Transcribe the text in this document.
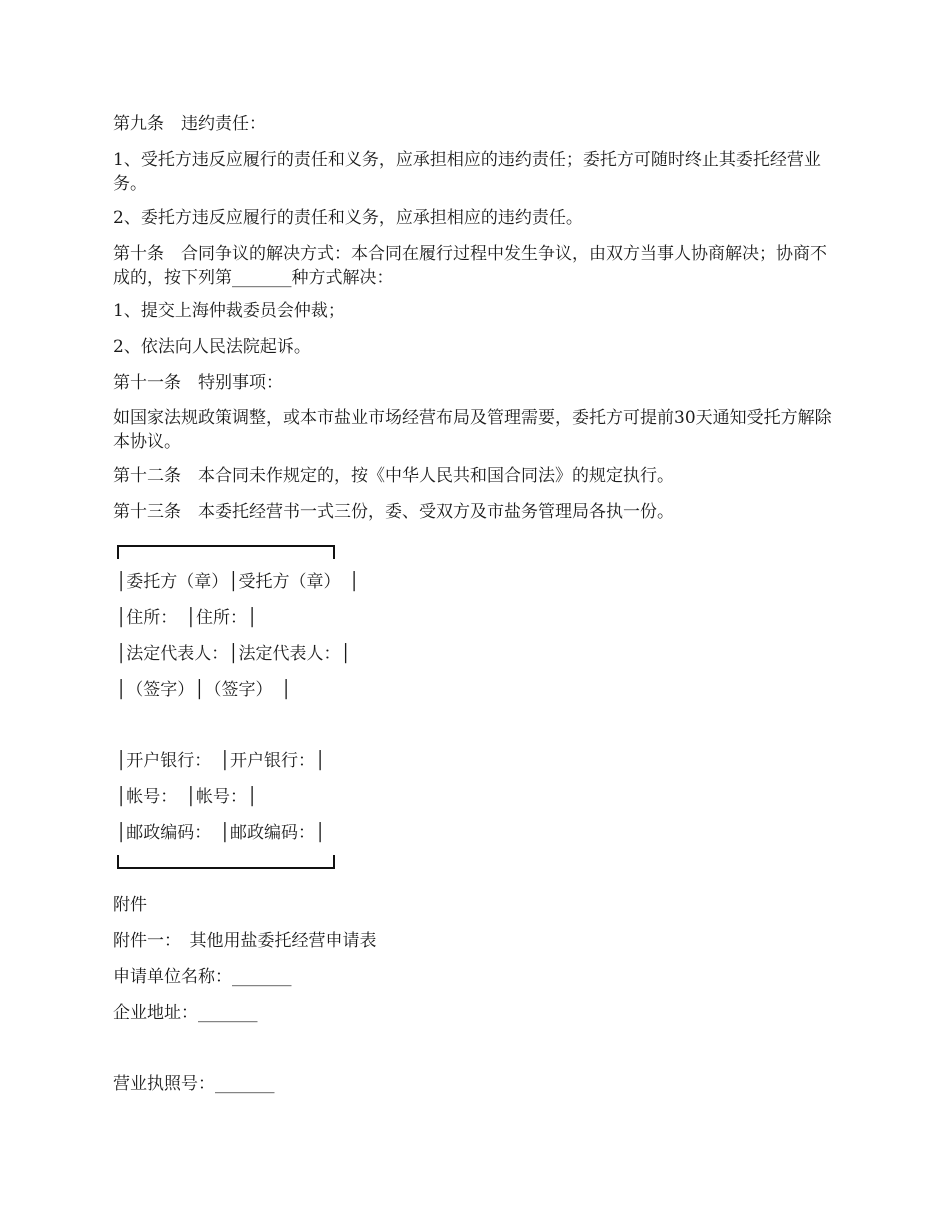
第九条　违约责任：
1、受托方违反应履行的责任和义务，应承担相应的违约责任；委托方可随时终止其委托经营业务。
2、委托方违反应履行的责任和义务，应承担相应的违约责任。
第十条　合同争议的解决方式：本合同在履行过程中发生争议，由双方当事人协商解决；协商不成的，按下列第_______种方式解决：
1、提交上海仲裁委员会仲裁；
2、依法向人民法院起诉。
第十一条　特别事项：
如国家法规政策调整，或本市盐业市场经营布局及管理需要，委托方可提前30天通知受托方解除本协议。
第十二条　本合同未作规定的，按《中华人民共和国合同法》的规定执行。
第十三条　本委托经营书一式三份，委、受双方及市盐务管理局各执一份。
│委托方（章）│受托方（章）　│
│住所：　│住所：│
│法定代表人：│法定代表人：│
│（签字）│（签字）　│
│开户银行：　│开户银行：│
│帐号：　│帐号：│
│邮政编码：　│邮政编码：│
附件
附件一：　其他用盐委托经营申请表
申请单位名称：_______
企业地址：_______
营业执照号：_______
